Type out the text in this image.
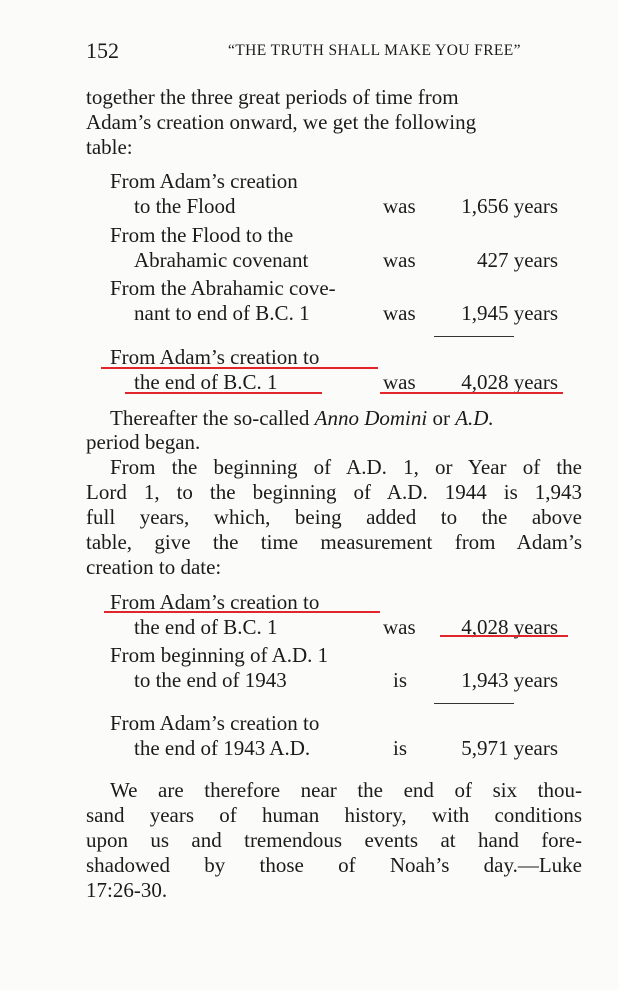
152	“THE TRUTH SHALL MAKE YOU FREE”
together the three great periods of time from
Adam’s creation onward, we get the following
table:
From Adam’s creation
to the Flood	was 1,656 years
From the Flood to the
Abrahamic covenant	was	427 years
From the Abrahamic cove-
nant to end of B.C. 1	was 1,945 years
From Adam’s creation to
the end of B.C. 1	was 4,028 years
Thereafter the so-called Anno Domini or A.D.
period began.
From the beginning of A.D. 1, or Year of the
Lord 1, to the beginning of A.D. 1944 is 1,943
full years, which, being added to the above
table, give the time measurement from Adam’s
creation to date:
From Adam’s creation to
the end of B.C. 1	was 4,028 years
From beginning of A.D. 1
to the end of 1943	is	1,943 years
From Adam’s creation to
the end of 1943 A.D.	is	5,971 years
We are therefore near the end of six thou-
sand years of human history, with conditions
upon us and tremendous events at hand fore-
shadowed by those of Noah’s day.—Luke
17:26-30.
